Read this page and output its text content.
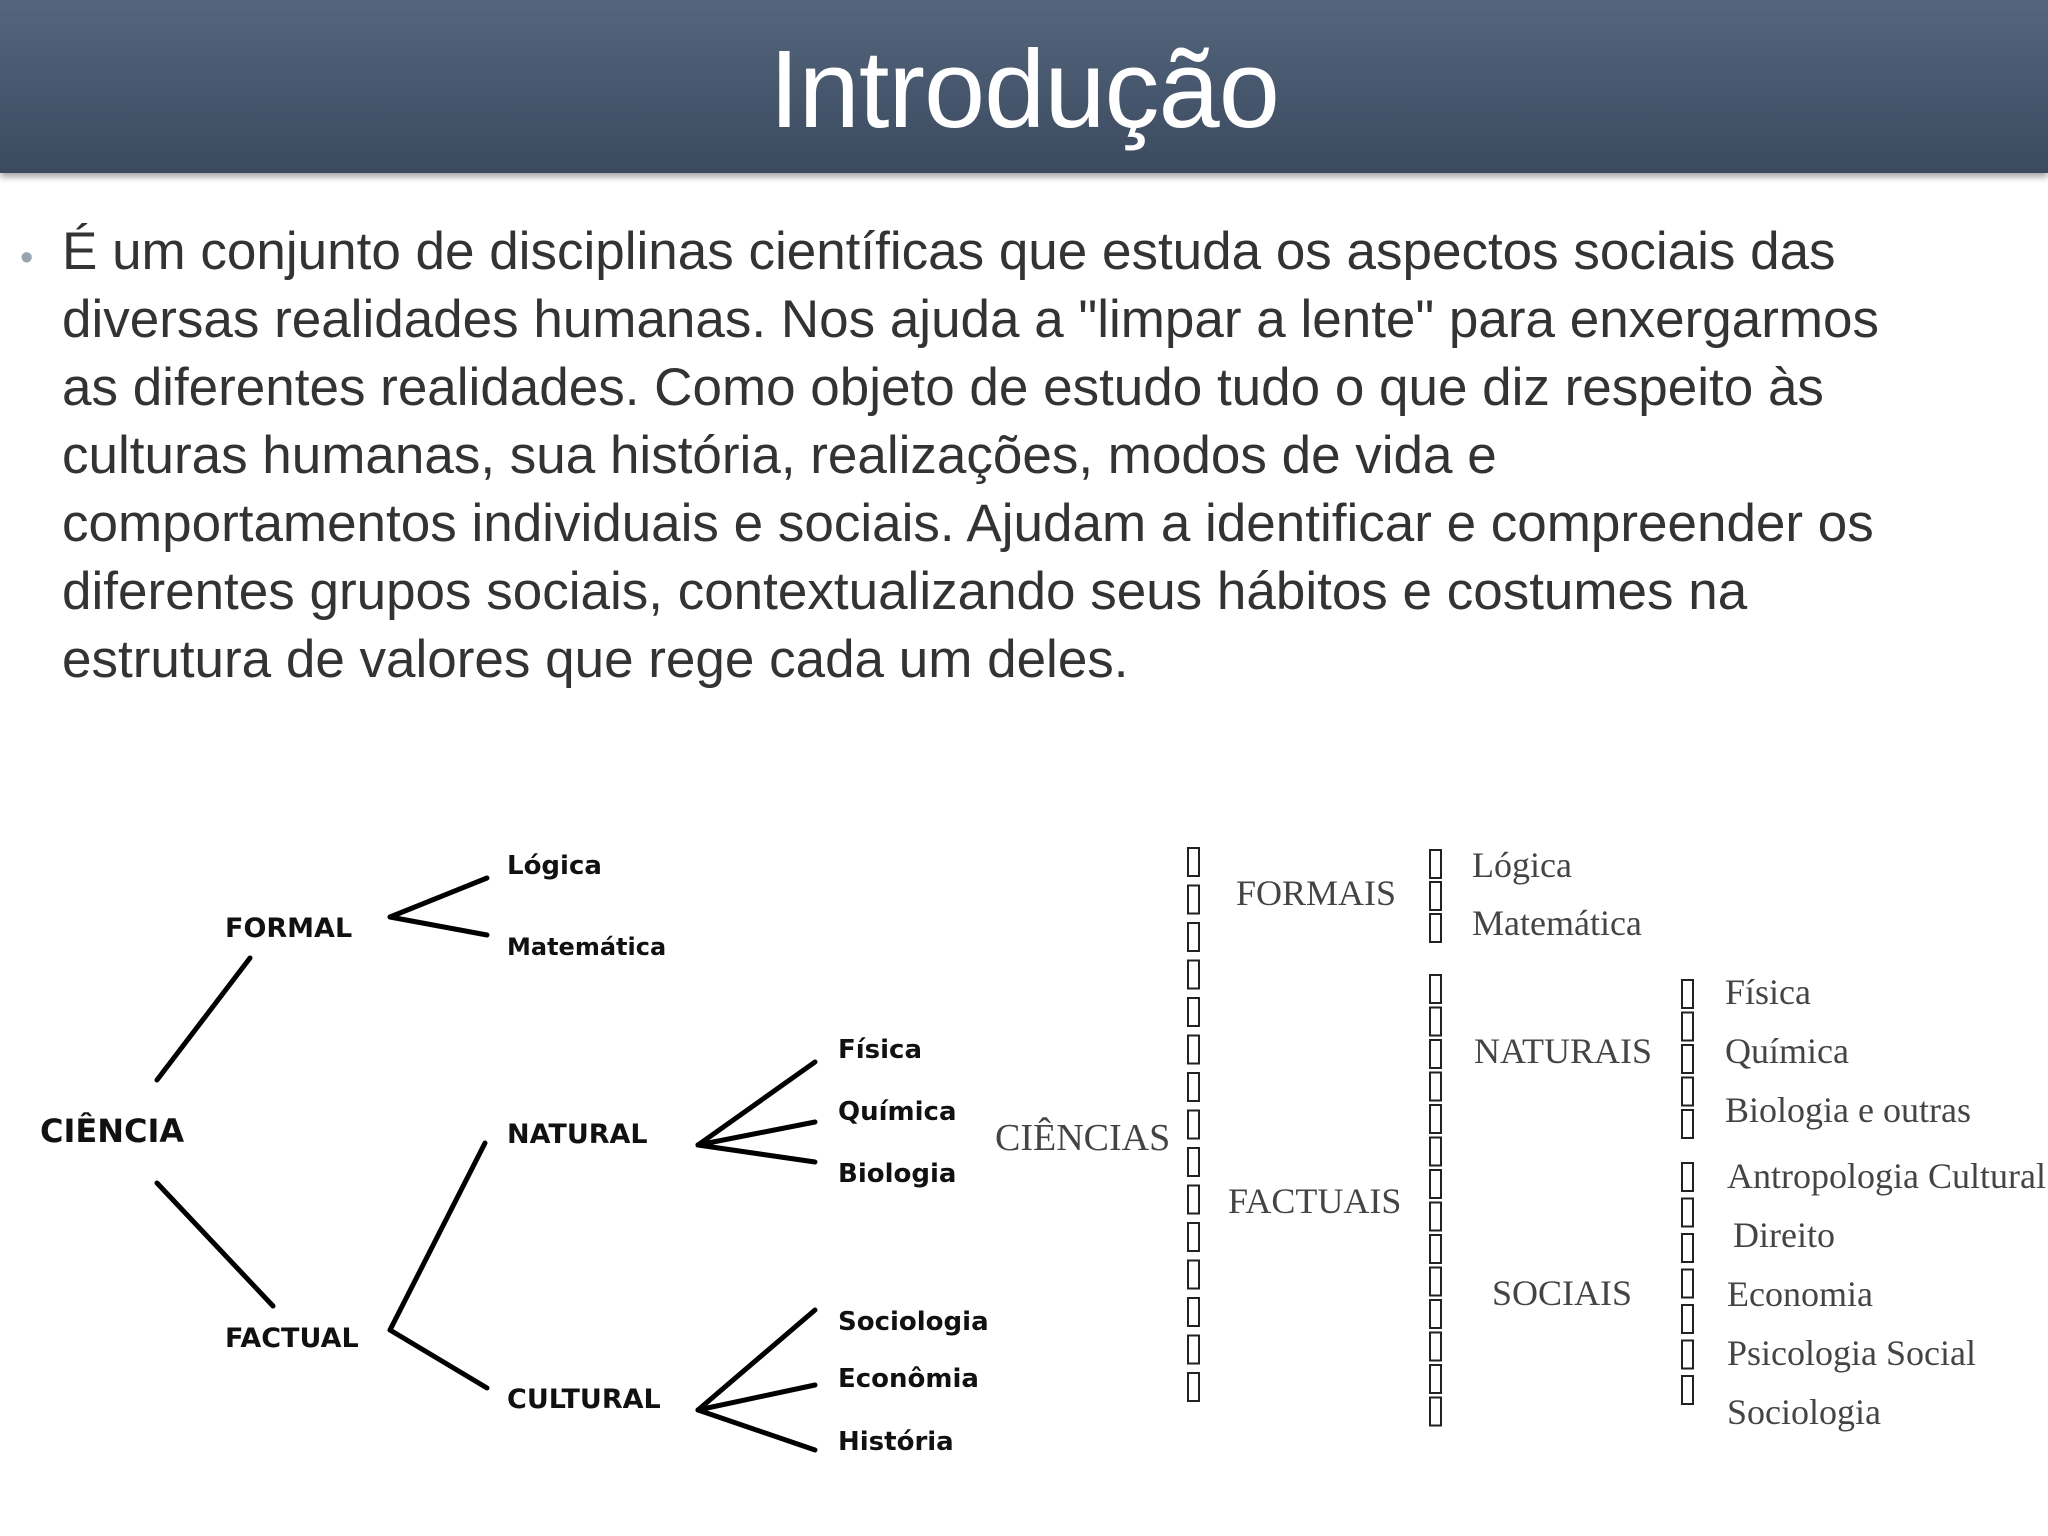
Introdução
• É um conjunto de disciplinas científicas que estuda os aspectos sociais das
diversas realidades humanas. Nos ajuda a "limpar a lente" para enxergarmos
as diferentes realidades. Como objeto de estudo tudo o que diz respeito às
culturas humanas, sua história, realizações, modos de vida e
comportamentos individuais e sociais. Ajudam a identificar e compreender os
diferentes grupos sociais, contextualizando seus hábitos e costumes na
estrutura de valores que rege cada um deles.

CIÊNCIA
FORMAL
FACTUAL
Lógica
Matemática
NATURAL
CULTURAL
Física
Química
Biologia
Sociologia
Econômia
História
CIÊNCIAS
FORMAIS
FACTUAIS
Lógica
Matemática
NATURAIS
SOCIAIS
Física
Química
Biologia e outras
Antropologia Cultural
Direito
Economia
Psicologia Social
Sociologia
